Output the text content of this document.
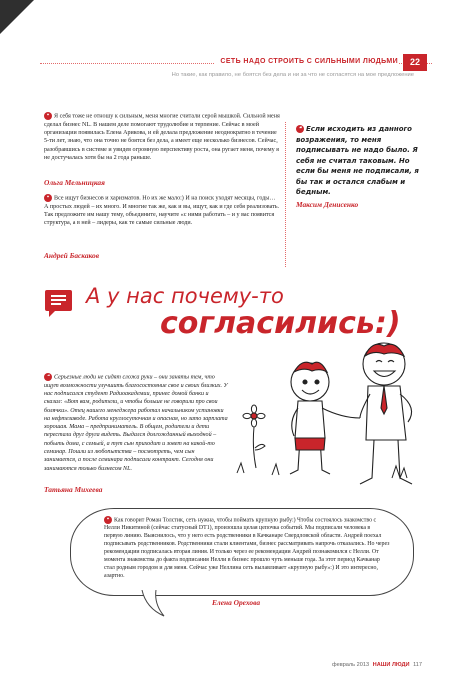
СЕТЬ НАДО СТРОИТЬ С СИЛЬНЫМИ ЛЮДЬМИ	22
Но такие, как правило, не боятся без дела и ни за что не согласятся на мое предложение
❝ Я себя тоже не отношу к сильным, меня многие считали серой мышкой. Сильной меня сделал бизнес NL. В нашем деле помогают трудолюбие и терпение. Сейчас в моей организации появилась Елена Арикова, и ей делала предложение неоднократно в течение 5-ти лет, знаю, что она точно не боятся без дела, а имеет еще несколько бизнесов. Сейчас, разобравшись в системе и увидев огромную перспективу роста, она ругает меня, почему я не достучалась хотя бы на 2 года раньше.
Ольга Мельницкая
❝ Все ищут бизнесов и харизматов. Но их же мало:) И на поиск уходят месяцы, годы… А простых людей – их много. И многие так же, как и вы, ищут, как и где себя реализовать. Так предложите им нашу тему, объедините, научите «с ними работать – и у вас появится структура, а в ней – лидеры, как те самые сильные люди.
Андрей Баскаков
❝ Если исходить из данного возражения, то меня подписывать не надо было. Я себя не считал таковым. Но если бы меня не подписали, я бы так и остался слабым и бедным.
Максим Денисенко
А у нас почему-то
согласились:)
❝ Серьезные люди не сидят сложа руки – они заняты тем, что ищут возможности улучшить благосостояние свое и своих близких. У нас подписался студент Радиоакадемии, принес домой банки и сказал: «Вот вам, родители, и чтобы больше не говорили про свои болячки». Отец нашего менеджера работал начальником установки на нефтезаводе. Работа круглосуточная и опасная, но зато зарплата хорошая. Мама – предприниматель. В общем, родители и дети перестали друг друга видеть. Выдался долгожданный выходной – побыть дома, с семьей, а тут сын приходит и зовет на какой-то семинар. Пошли из любопытства – посмотреть, чем сын занимается, а после семинара подписали контракт. Сегодня они занимаются только бизнесом NL.
Татьяна Михеева
❝ Как говорит Роман Толстик, сеть нужна, чтобы поймать крупную рыбу:) Чтобы состоялось знакомство с Нелли Никитиной (сейчас статусный DT1), произошла целая цепочка событий. Мы подписали человека в первую линию. Выяснилось, что у него есть родственники в Качканаре Свердловской области. Андрей поехал подписывать родственников. Родственники стали клиентами, бизнес рассматривать напрочь отказались. Но через рекомендации подписалась вторая линия. И только через ее рекомендации Андрей познакомился с Нелли. От момента знакомства до факта подписания Нелли в бизнес прошло чуть меньше года. За этот период Качканар стал родным городом и для меня. Сейчас уже Неллина сеть вылавливает «крупную рыбу»:) И это интересно, азартно.
Елена Орехова
февраль 2013 НАШИ ЛЮДИ 117
